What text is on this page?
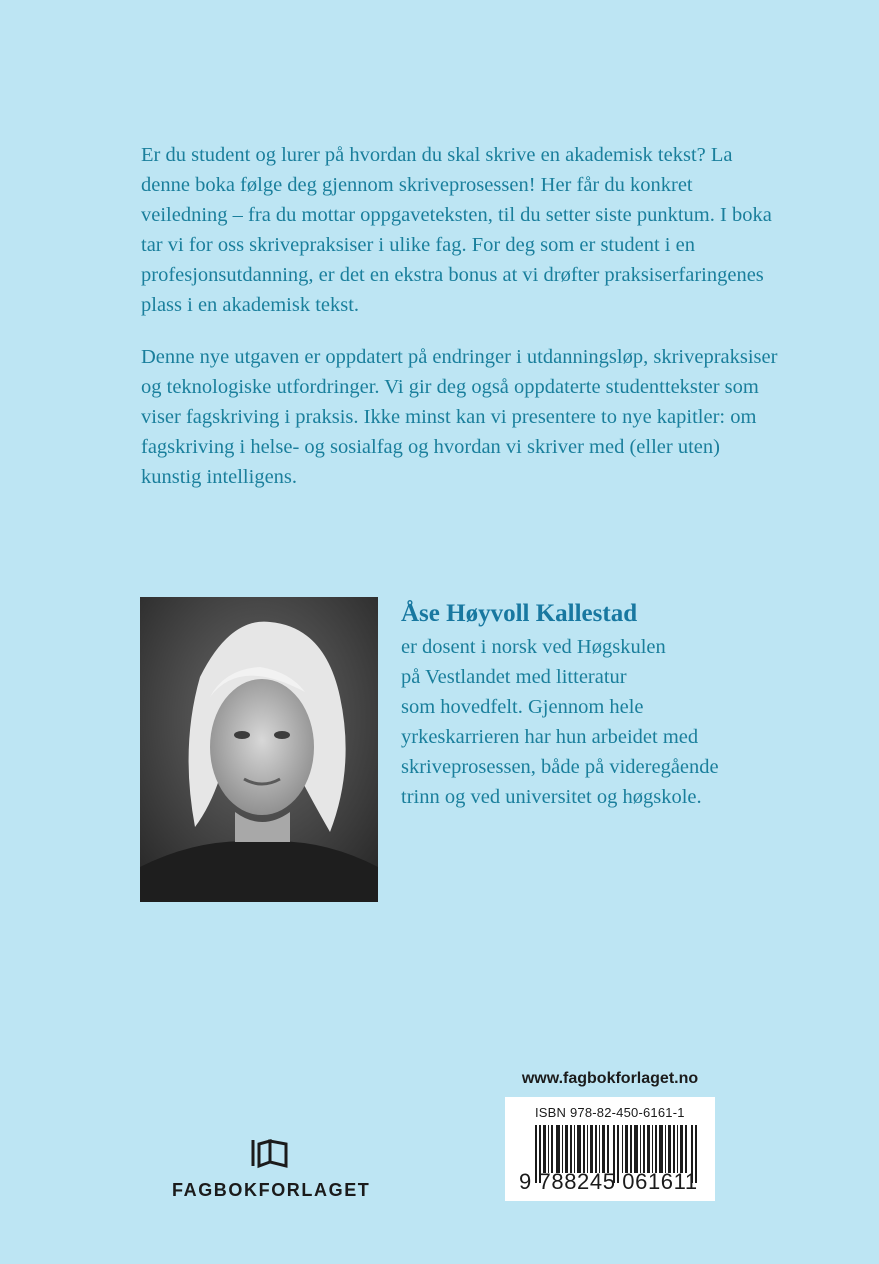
Er du student og lurer på hvordan du skal skrive en akademisk tekst? La denne boka følge deg gjennom skriveprosessen! Her får du konkret veiledning – fra du mottar oppgaveteksten, til du setter siste punktum. I boka tar vi for oss skrivepraksiser i ulike fag. For deg som er student i en profesjonsutdanning, er det en ekstra bonus at vi drøfter praksiserfaringenes plass i en akademisk tekst.

Denne nye utgaven er oppdatert på endringer i utdanningsløp, skrivepraksiser og teknologiske utfordringer. Vi gir deg også oppdaterte studenttekster som viser fagskriving i praksis. Ikke minst kan vi presentere to nye kapitler: om fagskriving i helse- og sosialfag og hvordan vi skriver med (eller uten) kunstig intelligens.

Åse Høyvoll Kallestad

er dosent i norsk ved Høgskulen
på Vestlandet med litteratur
som hovedfelt. Gjennom hele
yrkeskarrieren har hun arbeidet med
skriveprosessen, både på videregående
trinn og ved universitet og høgskole.

www.fagbokforlaget.no
ISBN 978-82-450-6161-1
9 788245 061611
FAGBOKFORLAGET
